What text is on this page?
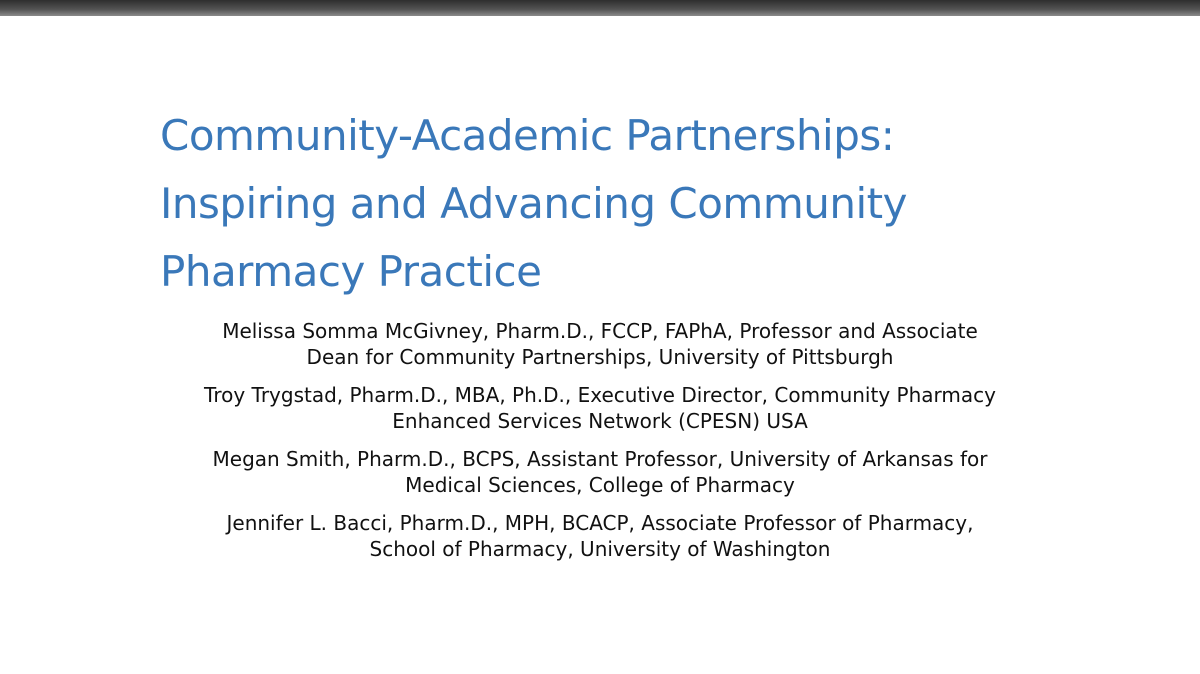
Community-Academic Partnerships:
Inspiring and Advancing Community
Pharmacy Practice

Melissa Somma McGivney, Pharm.D., FCCP, FAPhA, Professor and Associate
Dean for Community Partnerships, University of Pittsburgh

Troy Trygstad, Pharm.D., MBA, Ph.D., Executive Director, Community Pharmacy
Enhanced Services Network (CPESN) USA

Megan Smith, Pharm.D., BCPS, Assistant Professor, University of Arkansas for
Medical Sciences, College of Pharmacy

Jennifer L. Bacci, Pharm.D., MPH, BCACP, Associate Professor of Pharmacy,
School of Pharmacy, University of Washington
